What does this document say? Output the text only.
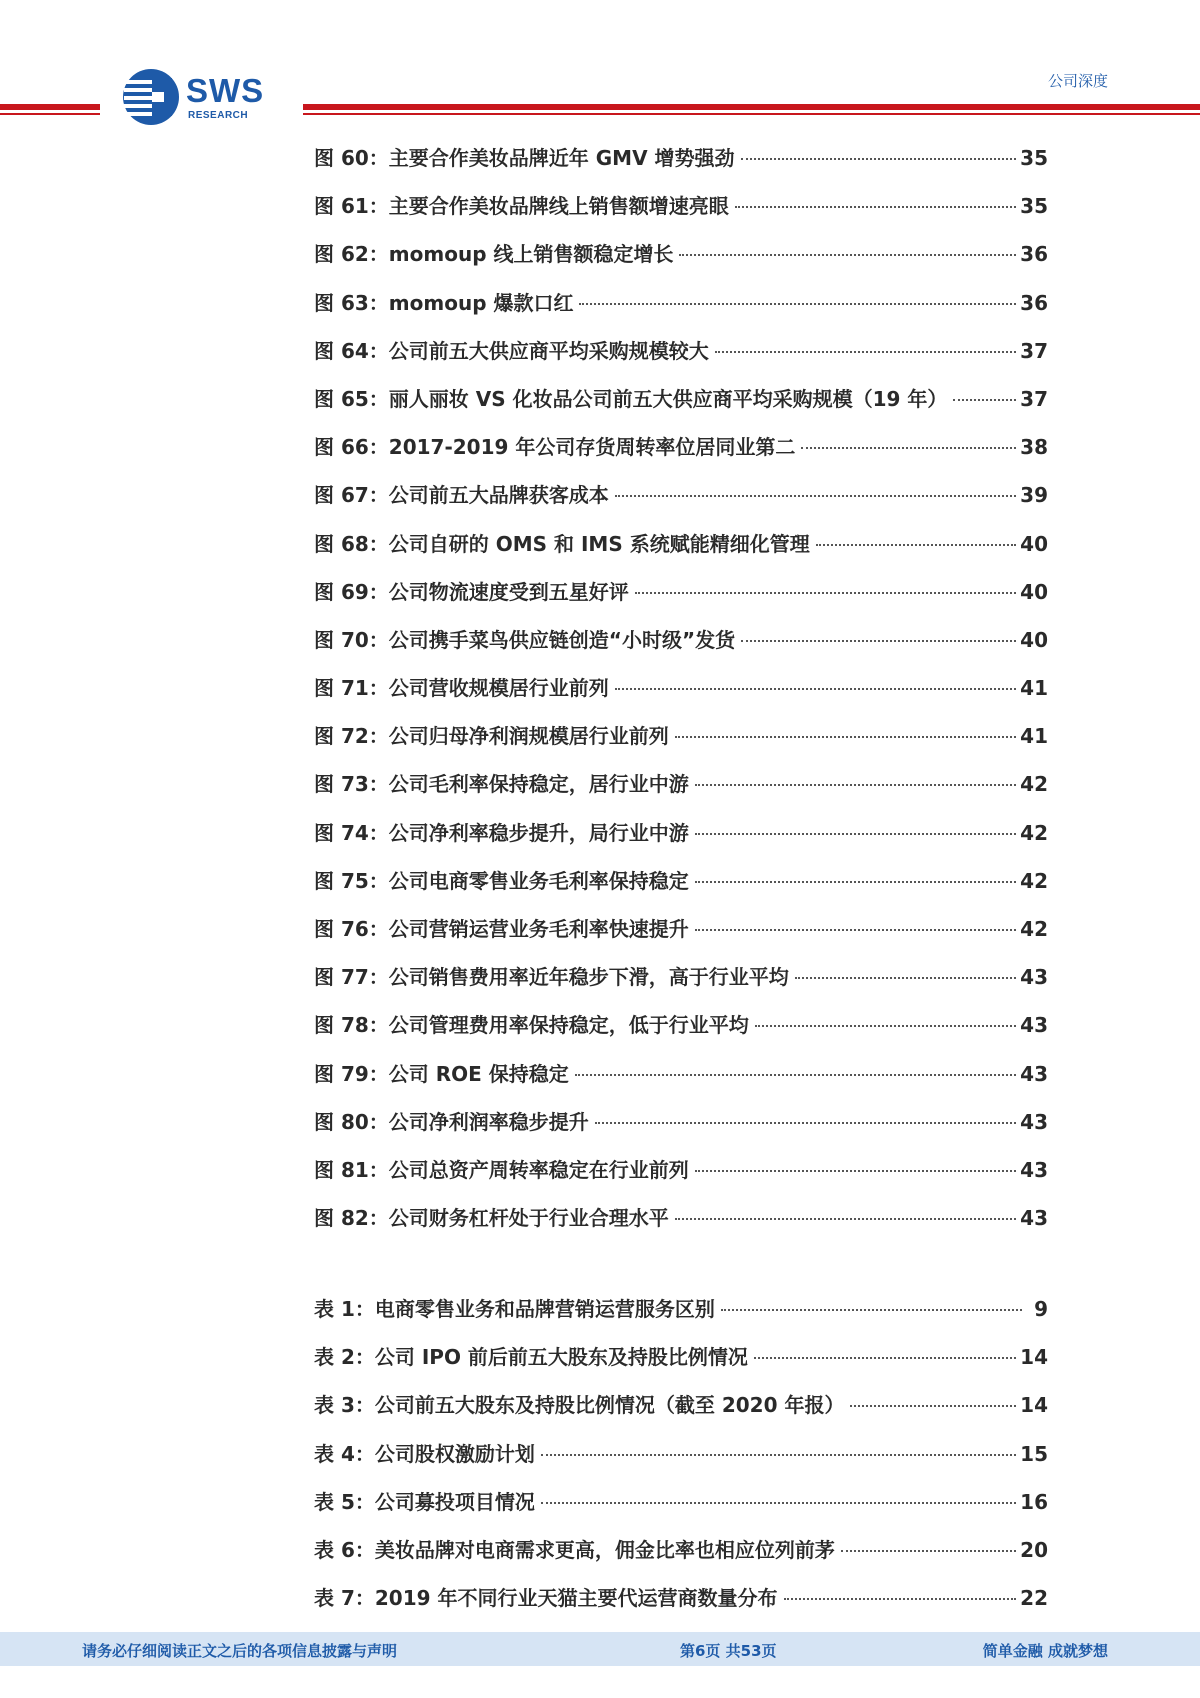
SWS
RESEARCH
公司深度
图 60：主要合作美妆品牌近年 GMV 增势强劲	35
图 61：主要合作美妆品牌线上销售额增速亮眼	35
图 62：momoup 线上销售额稳定增长	36
图 63：momoup 爆款口红	36
图 64：公司前五大供应商平均采购规模较大	37
图 65：丽人丽妆 VS 化妆品公司前五大供应商平均采购规模（19 年）	37
图 66：2017-2019 年公司存货周转率位居同业第二	38
图 67：公司前五大品牌获客成本	39
图 68：公司自研的 OMS 和 IMS 系统赋能精细化管理	40
图 69：公司物流速度受到五星好评	40
图 70：公司携手菜鸟供应链创造“小时级”发货	40
图 71：公司营收规模居行业前列	41
图 72：公司归母净利润规模居行业前列	41
图 73：公司毛利率保持稳定，居行业中游	42
图 74：公司净利率稳步提升，局行业中游	42
图 75：公司电商零售业务毛利率保持稳定	42
图 76：公司营销运营业务毛利率快速提升	42
图 77：公司销售费用率近年稳步下滑，高于行业平均	43
图 78：公司管理费用率保持稳定，低于行业平均	43
图 79：公司 ROE 保持稳定	43
图 80：公司净利润率稳步提升	43
图 81：公司总资产周转率稳定在行业前列	43
图 82：公司财务杠杆处于行业合理水平	43
表 1：电商零售业务和品牌营销运营服务区别	9
表 2：公司 IPO 前后前五大股东及持股比例情况	14
表 3：公司前五大股东及持股比例情况（截至 2020 年报）	14
表 4：公司股权激励计划	15
表 5：公司募投项目情况	16
表 6：美妆品牌对电商需求更高，佣金比率也相应位列前茅	20
表 7：2019 年不同行业天猫主要代运营商数量分布	22
请务必仔细阅读正文之后的各项信息披露与声明	第6页 共53页	简单金融 成就梦想
